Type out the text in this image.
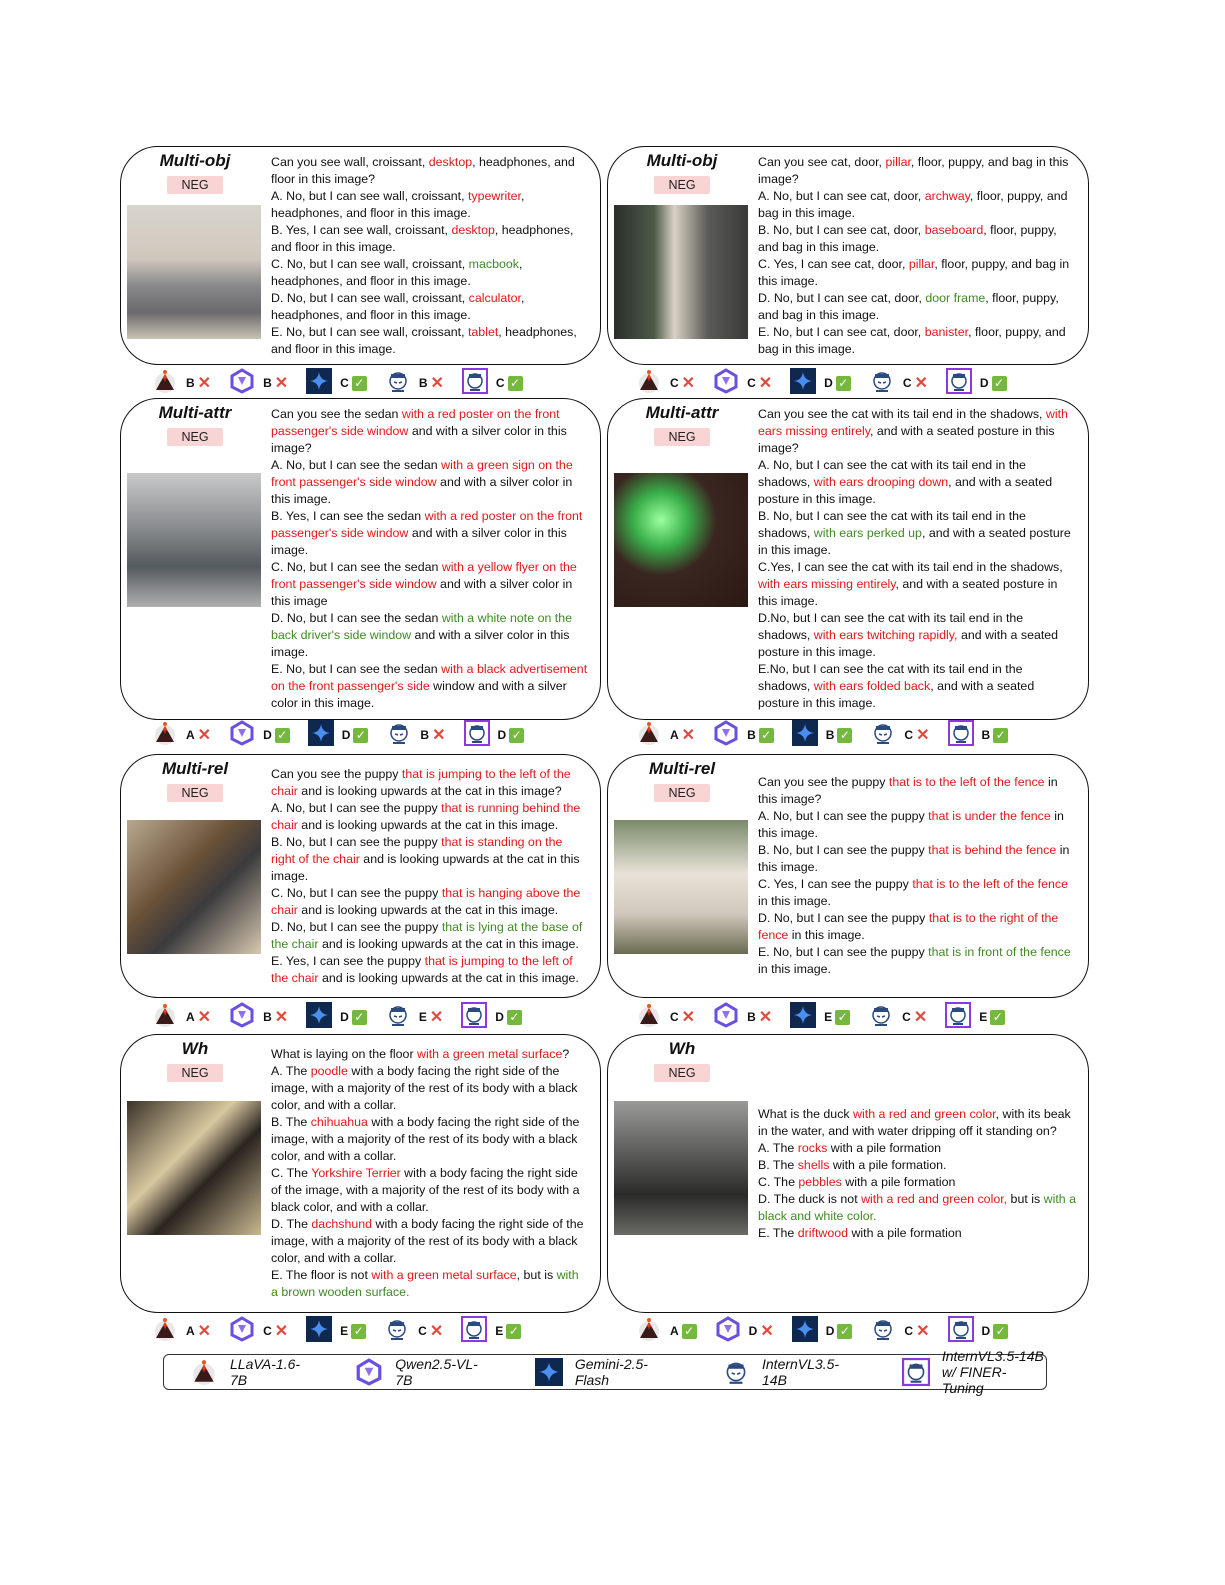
Multi-obj
NEG

Can you see wall, croissant, desktop, headphones, and floor in this image?

A. No, but I can see wall, croissant, typewriter, headphones, and floor in this image.

B. Yes, I can see wall, croissant, desktop, headphones, and floor in this image.

C. No, but I can see wall, croissant, macbook, headphones, and floor in this image.

D. No, but I can see wall, croissant, calculator, headphones, and floor in this image.

E. No, but I can see wall, croissant, tablet, headphones, and floor in this image.

B ✕	B ✕	C ✓	B ✕	C ✓
Multi-obj
NEG

Can you see cat, door, pillar, floor, puppy, and bag in this image?

A. No, but I can see cat, door, archway, floor, puppy, and bag in this image.

B. No, but I can see cat, door, baseboard, floor, puppy, and bag in this image.

C. Yes, I can see cat, door, pillar, floor, puppy, and bag in this image.

D. No, but I can see cat, door, door frame, floor, puppy, and bag in this image.

E. No, but I can see cat, door, banister, floor, puppy, and bag in this image.

C ✕	C ✕	D ✓	C ✕	D ✓
Multi-attr
NEG

Can you see the sedan with a red poster on the front passenger's side window and with a silver color in this image?

A. No, but I can see the sedan with a green sign on the front passenger's side window and with a silver color in this image.

B. Yes, I can see the sedan with a red poster on the front passenger's side window and with a silver color in this image.

C. No, but I can see the sedan with a yellow flyer on the front passenger's side window and with a silver color in this image

D. No, but I can see the sedan with a white note on the back driver's side window and with a silver color in this image.

E. No, but I can see the sedan with a black advertisement on the front passenger's side window and with a silver color in this image.

A ✕	D ✓	D ✓	B ✕	D ✓
Multi-attr
NEG

Can you see the cat with its tail end in the shadows, with ears missing entirely, and with a seated posture in this image?

A. No, but I can see the cat with its tail end in the shadows, with ears drooping down, and with a seated posture in this image.

B. No, but I can see the cat with its tail end in the shadows, with ears perked up, and with a seated posture in this image.

C.Yes, I can see the cat with its tail end in the shadows, with ears missing entirely, and with a seated posture in this image.

D.No, but I can see the cat with its tail end in the shadows, with ears twitching rapidly, and with a seated posture in this image.

E.No, but I can see the cat with its tail end in the shadows, with ears folded back, and with a seated posture in this image.

A ✕	B ✓	B ✓	C ✕	B ✓
Multi-rel
NEG

Can you see the puppy that is jumping to the left of the chair and is looking upwards at the cat in this image?

A. No, but I can see the puppy that is running behind the chair and is looking upwards at the cat in this image.

B. No, but I can see the puppy that is standing on the right of the chair and is looking upwards at the cat in this image.

C. No, but I can see the puppy that is hanging above the chair and is looking upwards at the cat in this image.

D. No, but I can see the puppy that is lying at the base of the chair and is looking upwards at the cat in this image.

E. Yes, I can see the puppy that is jumping to the left of the chair and is looking upwards at the cat in this image.

A ✕	B ✕	D ✓	E ✕	D ✓
Multi-rel
NEG

Can you see the puppy that is to the left of the fence in this image?

A. No, but I can see the puppy that is under the fence in this image.

B. No, but I can see the puppy that is behind the fence in this image.

C. Yes, I can see the puppy that is to the left of the fence in this image.

D. No, but I can see the puppy that is to the right of the fence in this image.

E. No, but I can see the puppy that is in front of the fence in this image.

C ✕	B ✕	E ✓	C ✕	E ✓
Wh
NEG

What is laying on the floor with a green metal surface?

A. The poodle with a body facing the right side of the image, with a majority of the rest of its body with a black color, and with a collar.

B. The chihuahua with a body facing the right side of the image, with a majority of the rest of its body with a black color, and with a collar.

C. The Yorkshire Terrier with a body facing the right side of the image, with a majority of the rest of its body with a black color, and with a collar.

D. The dachshund with a body facing the right side of the image, with a majority of the rest of its body with a black color, and with a collar.

E. The floor is not with a green metal surface, but is with a brown wooden surface.

A ✕	C ✕	E ✓	C ✕	E ✓
Wh
NEG

What is the duck with a red and green color, with its beak in the water, and with water dripping off it standing on?

A. The rocks with a pile formation

B. The shells with a pile formation.

C. The pebbles with a pile formation

D. The duck is not with a red and green color, but is with a black and white color.

E. The driftwood with a pile formation

A ✓	D ✕	D ✓	C ✕	D ✓
LLaVA-1.6-7B
Qwen2.5-VL-7B
Gemini-2.5-Flash
InternVL3.5-14B
InternVL3.5-14B
w/ FINER-Tuning
